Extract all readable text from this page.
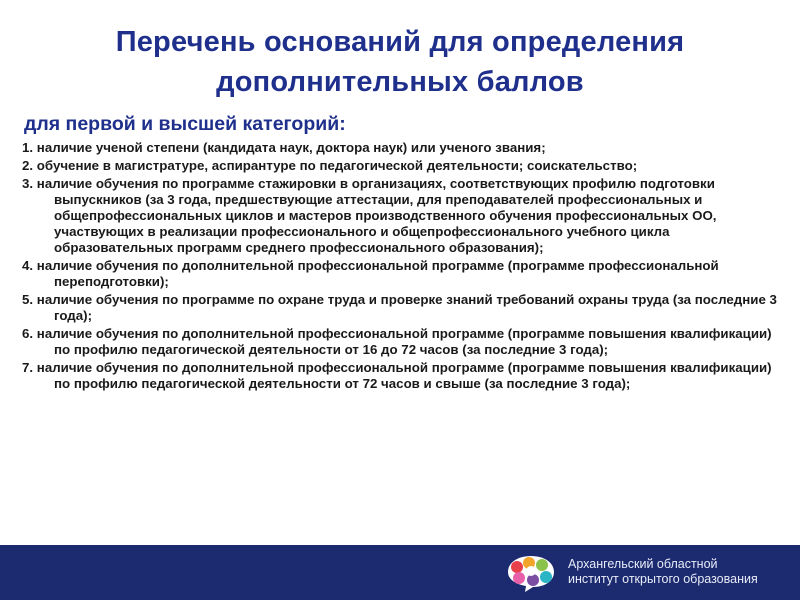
Перечень оснований для определения
дополнительных баллов
для первой и высшей категорий:
1. наличие ученой степени (кандидата наук, доктора наук) или ученого звания;
2. обучение в магистратуре, аспирантуре по педагогической деятельности; соискательство;
3. наличие обучения по программе стажировки в организациях, соответствующих профилю подготовки выпускников (за 3 года, предшествующие аттестации, для преподавателей профессиональных и общепрофессиональных циклов и мастеров производственного обучения профессиональных ОО, участвующих в реализации профессионального и общепрофессионального учебного цикла образовательных программ среднего профессионального образования);
4. наличие обучения по дополнительной профессиональной программе (программе профессиональной переподготовки);
5. наличие обучения по программе по охране труда и проверке знаний требований охраны труда (за последние 3 года);
6. наличие обучения по дополнительной профессиональной программе (программе повышения квалификации) по профилю педагогической деятельности от 16 до 72 часов (за последние 3 года);
7. наличие обучения по дополнительной профессиональной программе (программе повышения квалификации) по профилю педагогической деятельности от 72 часов и свыше (за последние 3 года);
Архангельский областной
институт открытого образования
